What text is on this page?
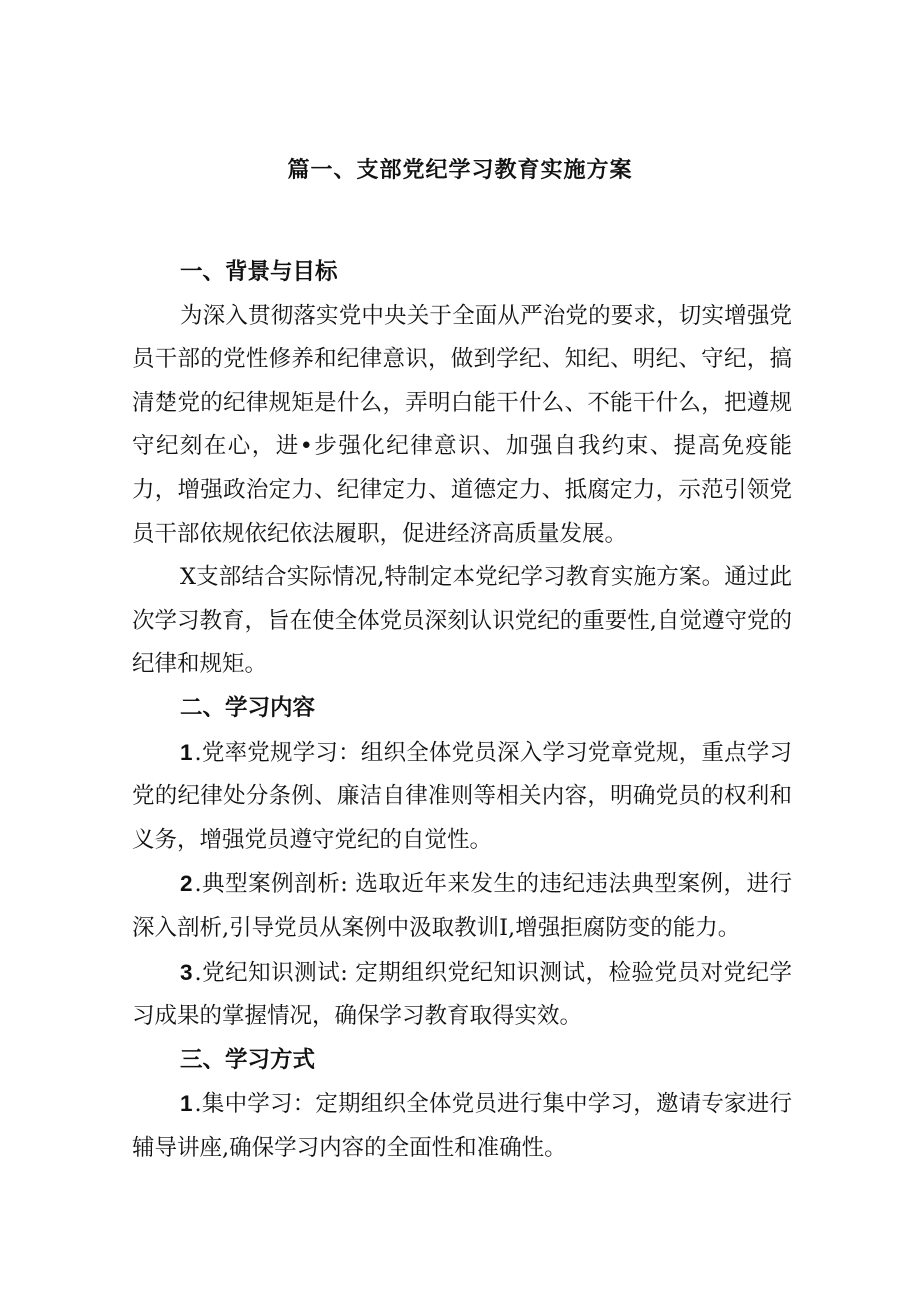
篇一、支部党纪学习教育实施方案

一、背景与目标

为深入贯彻落实党中央关于全面从严治党的要求，切实增强党员干部的党性修养和纪律意识，做到学纪、知纪、明纪、守纪，搞清楚党的纪律规矩是什么，弄明白能干什么、不能干什么，把遵规守纪刻在心，进•步强化纪律意识、加强自我约束、提高免疫能力，增强政治定力、纪律定力、道德定力、抵腐定力，示范引领党员干部依规依纪依法履职，促进经济高质量发展。

X支部结合实际情况,特制定本党纪学习教育实施方案。通过此次学习教育，旨在使全体党员深刻认识党纪的重要性,自觉遵守党的纪律和规矩。

二、学习内容

1.党率党规学习：组织全体党员深入学习党章党规，重点学习党的纪律处分条例、廉洁自律准则等相关内容，明确党员的权利和义务，增强党员遵守党纪的自觉性。

2.典型案例剖析: 选取近年来发生的违纪违法典型案例，进行深入剖析,引导党员从案例中汲取教训I,增强拒腐防变的能力。

3.党纪知识测试: 定期组织党纪知识测试，检验党员对党纪学习成果的掌握情况，确保学习教育取得实效。

三、学习方式

1.集中学习：定期组织全体党员进行集中学习，邀请专家进行辅导讲座,确保学习内容的全面性和准确性。
